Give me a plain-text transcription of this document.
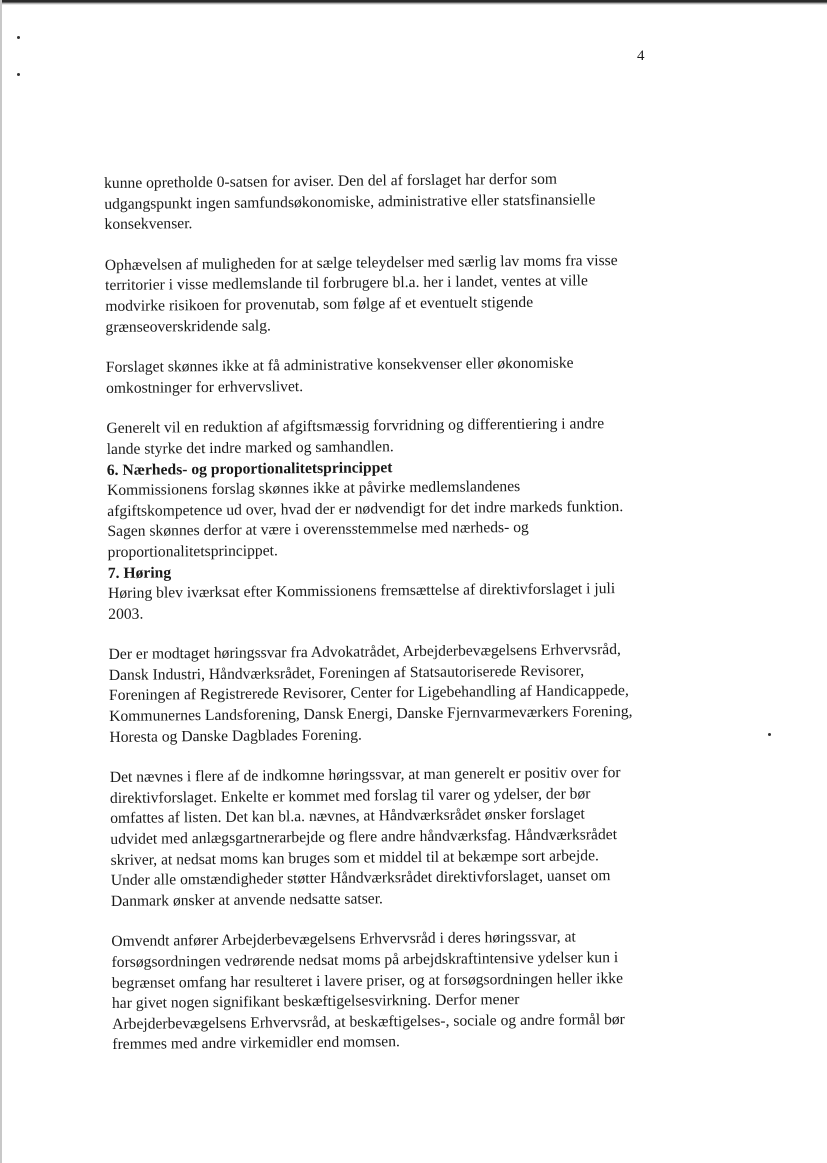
4

kunne opretholde 0-satsen for aviser. Den del af forslaget har derfor som udgangspunkt ingen samfundsøkonomiske, administrative eller statsfinansielle konsekvenser.

Ophævelsen af muligheden for at sælge teleydelser med særlig lav moms fra visse territorier i visse medlemslande til forbrugere bl.a. her i landet, ventes at ville modvirke risikoen for provenutab, som følge af et eventuelt stigende grænseoverskridende salg.

Forslaget skønnes ikke at få administrative konsekvenser eller økonomiske omkostninger for erhvervslivet.

Generelt vil en reduktion af afgiftsmæssig forvridning og differentiering i andre lande styrke det indre marked og samhandlen.

6. Nærheds- og proportionalitetsprincippet

Kommissionens forslag skønnes ikke at påvirke medlemslandenes afgiftskompetence ud over, hvad der er nødvendigt for det indre markeds funktion. Sagen skønnes derfor at være i overensstemmelse med nærheds- og proportionalitetsprincippet.

7. Høring

Høring blev iværksat efter Kommissionens fremsættelse af direktivforslaget i juli 2003.

Der er modtaget høringssvar fra Advokatrådet, Arbejderbevægelsens Erhvervsråd, Dansk Industri, Håndværksrådet, Foreningen af Statsautoriserede Revisorer, Foreningen af Registrerede Revisorer, Center for Ligebehandling af Handicappede, Kommunernes Landsforening, Dansk Energi, Danske Fjernvarmeværkers Forening, Horesta og Danske Dagblades Forening.

Det nævnes i flere af de indkomne høringssvar, at man generelt er positiv over for direktivforslaget. Enkelte er kommet med forslag til varer og ydelser, der bør omfattes af listen. Det kan bl.a. nævnes, at Håndværksrådet ønsker forslaget udvidet med anlægsgartnerarbejde og flere andre håndværksfag. Håndværksrådet skriver, at nedsat moms kan bruges som et middel til at bekæmpe sort arbejde. Under alle omstændigheder støtter Håndværksrådet direktivforslaget, uanset om Danmark ønsker at anvende nedsatte satser.

Omvendt anfører Arbejderbevægelsens Erhvervsråd i deres høringssvar, at forsøgsordningen vedrørende nedsat moms på arbejdskraftintensive ydelser kun i begrænset omfang har resulteret i lavere priser, og at forsøgsordningen heller ikke har givet nogen signifikant beskæftigelsesvirkning. Derfor mener Arbejderbevægelsens Erhvervsråd, at beskæftigelses-, sociale og andre formål bør fremmes med andre virkemidler end momsen.
